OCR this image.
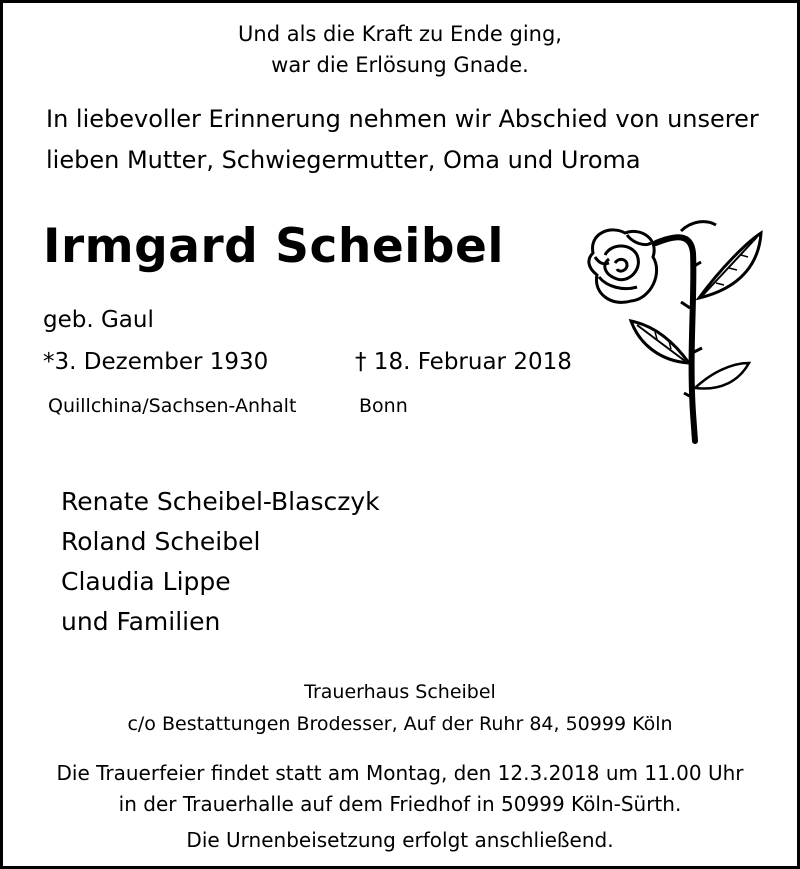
Und als die Kraft zu Ende ging,
war die Erlösung Gnade.
In liebevoller Erinnerung nehmen wir Abschied von unserer
lieben Mutter, Schwiegermutter, Oma und Uroma
Irmgard Scheibel
geb. Gaul
*3. Dezember 1930	† 18. Februar 2018
Quillchina/Sachsen-Anhalt	Bonn
Renate Scheibel-Blasczyk
Roland Scheibel
Claudia Lippe
und Familien
Trauerhaus Scheibel
c/o Bestattungen Brodesser, Auf der Ruhr 84, 50999 Köln
Die Trauerfeier findet statt am Montag, den 12.3.2018 um 11.00 Uhr
in der Trauerhalle auf dem Friedhof in 50999 Köln-Sürth.
Die Urnenbeisetzung erfolgt anschließend.
